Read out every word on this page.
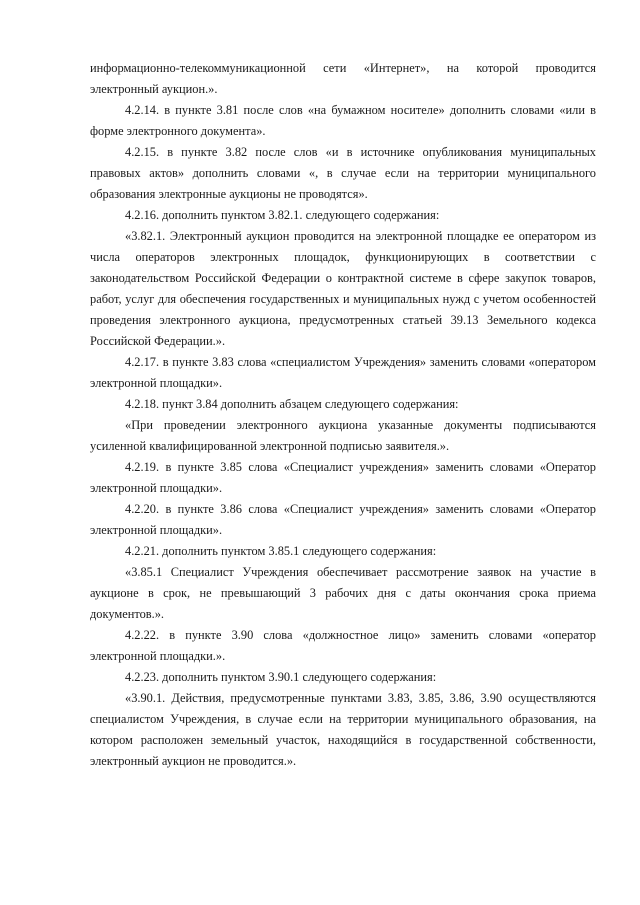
информационно-телекоммуникационной сети «Интернет», на которой проводится электронный аукцион.».

4.2.14. в пункте 3.81 после слов «на бумажном носителе» дополнить словами «или в форме электронного документа».

4.2.15. в пункте 3.82 после слов «и в источнике опубликования муниципальных правовых актов» дополнить словами «, в случае если на территории муниципального образования электронные аукционы не проводятся».

4.2.16. дополнить пунктом 3.82.1. следующего содержания:

«3.82.1. Электронный аукцион проводится на электронной площадке ее оператором из числа операторов электронных площадок, функционирующих в соответствии с законодательством Российской Федерации о контрактной системе в сфере закупок товаров, работ, услуг для обеспечения государственных и муниципальных нужд с учетом особенностей проведения электронного аукциона, предусмотренных статьей 39.13 Земельного кодекса Российской Федерации.».

4.2.17. в пункте 3.83 слова «специалистом Учреждения» заменить словами «оператором электронной площадки».

4.2.18. пункт 3.84 дополнить абзацем следующего содержания:

«При проведении электронного аукциона указанные документы подписываются усиленной квалифицированной электронной подписью заявителя.».

4.2.19. в пункте 3.85 слова «Специалист учреждения» заменить словами «Оператор электронной площадки».

4.2.20. в пункте 3.86 слова «Специалист учреждения» заменить словами «Оператор электронной площадки».

4.2.21. дополнить пунктом 3.85.1 следующего содержания:

«3.85.1 Специалист Учреждения обеспечивает рассмотрение заявок на участие в аукционе в срок, не превышающий 3 рабочих дня с даты окончания срока приема документов.».

4.2.22. в пункте 3.90 слова «должностное лицо» заменить словами «оператор электронной площадки.».

4.2.23. дополнить пунктом 3.90.1 следующего содержания:

«3.90.1. Действия, предусмотренные пунктами 3.83, 3.85, 3.86, 3.90 осуществляются специалистом Учреждения, в случае если на территории муниципального образования, на котором расположен земельный участок, находящийся в государственной собственности, электронный аукцион не проводится.».
